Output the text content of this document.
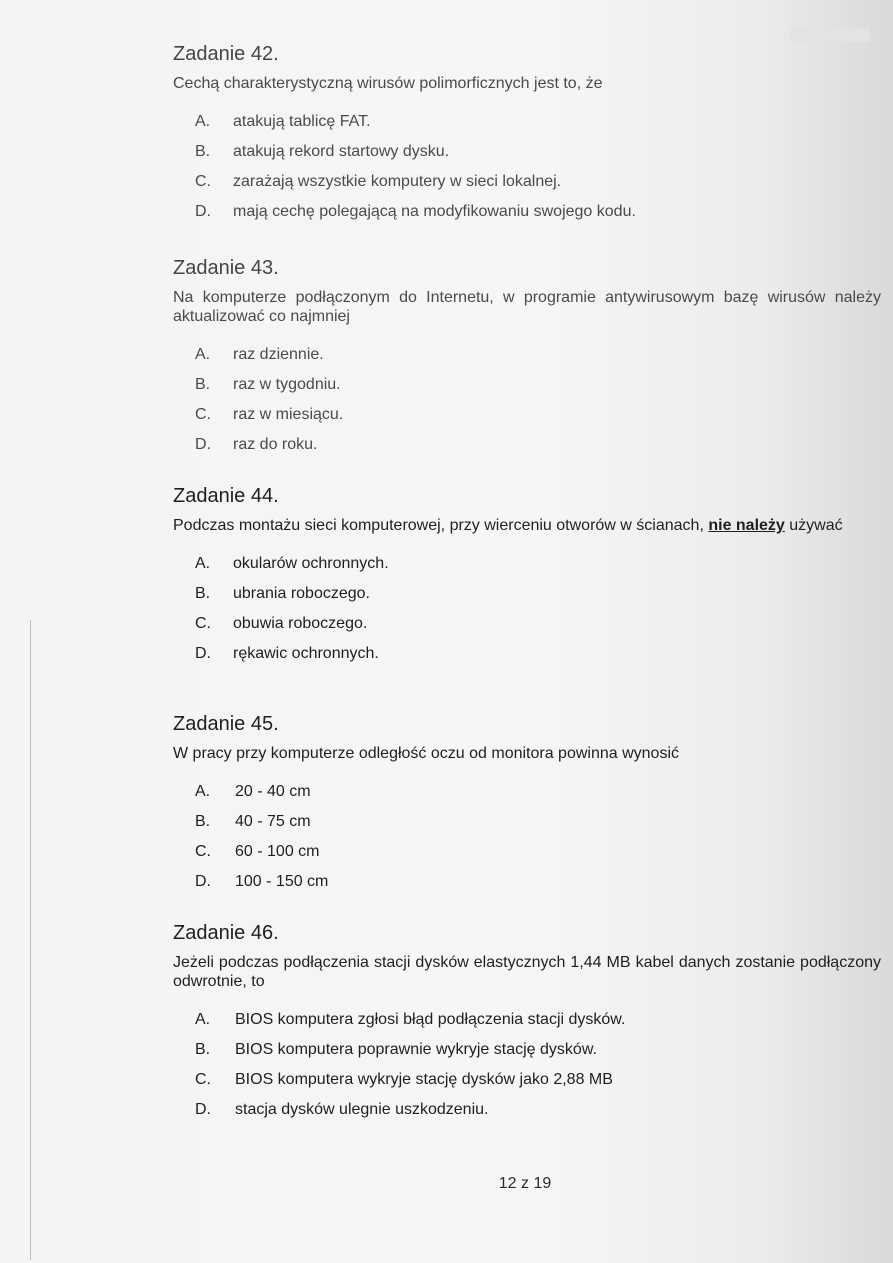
Zadanie 42.

Cechą charakterystyczną wirusów polimorficznych jest to, że

A. atakują tablicę FAT.
B. atakują rekord startowy dysku.
C. zarażają wszystkie komputery w sieci lokalnej.
D. mają cechę polegającą na modyfikowaniu swojego kodu.
Zadanie 43.

Na komputerze podłączonym do Internetu, w programie antywirusowym bazę wirusów należy aktualizować co najmniej

A. raz dziennie.
B. raz w tygodniu.
C. raz w miesiącu.
D. raz do roku.
Zadanie 44.

Podczas montażu sieci komputerowej, przy wierceniu otworów w ścianach, nie należy używać

A. okularów ochronnych.
B. ubrania roboczego.
C. obuwia roboczego.
D. rękawic ochronnych.
Zadanie 45.

W pracy przy komputerze odległość oczu od monitora powinna wynosić

A. 20 - 40 cm
B. 40 - 75 cm
C. 60 - 100 cm
D. 100 - 150 cm
Zadanie 46.

Jeżeli podczas podłączenia stacji dysków elastycznych 1,44 MB kabel danych zostanie podłączony odwrotnie, to

A. BIOS komputera zgłosi błąd podłączenia stacji dysków.
B. BIOS komputera poprawnie wykryje stację dysków.
C. BIOS komputera wykryje stację dysków jako 2,88 MB
D. stacja dysków ulegnie uszkodzeniu.
12 z 19
